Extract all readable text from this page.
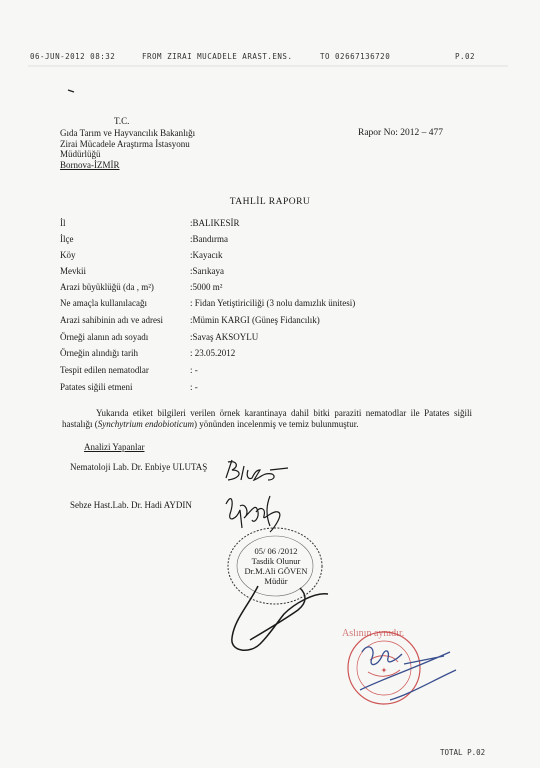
06-JUN-2012 08:32	FROM ZIRAI MUCADELE ARAST.ENS.	TO 02667136720	P.02
T.C.
Gıda Tarım ve Hayvancılık Bakanlığı
Zirai Mücadele Araştırma İstasyonu
Müdürlüğü
Bornova-İZMİR
Rapor No: 2012 – 477
TAHLİL RAPORU
İl	:BALIKESİR
İlçe	:Bandırma
Köy	:Kayacık
Mevkii	:Sarıkaya
Arazi büyüklüğü (da , m²)	:5000 m²
Ne amaçla kullanılacağı	: Fidan Yetiştiriciliği (3 nolu damızlık ünitesi)
Arazi sahibinin adı ve adresi	:Mümin KARGI (Güneş Fidancılık)
Örneği alanın adı soyadı	:Savaş AKSOYLU
Örneğin alındığı tarih	: 23.05.2012
Tespit edilen nematodlar	: -
Patates siğili etmeni	: -
Yukarıda etiket bilgileri verilen örnek karantinaya dahil bitki paraziti nematodlar ile Patates siğili hastalığı (Synchytrium endobioticum) yönünden incelenmiş ve temiz bulunmuştur.
Analizi Yapanlar
Nematoloji Lab. Dr. Enbiye ULUTAŞ
Sebze Hast.Lab. Dr. Hadi AYDIN
05/ 06 /2012
Tasdik Olunur
Dr.M.Ali GÖVEN
Müdür
Aslının aynıdır.
✦
TOTAL P.02
